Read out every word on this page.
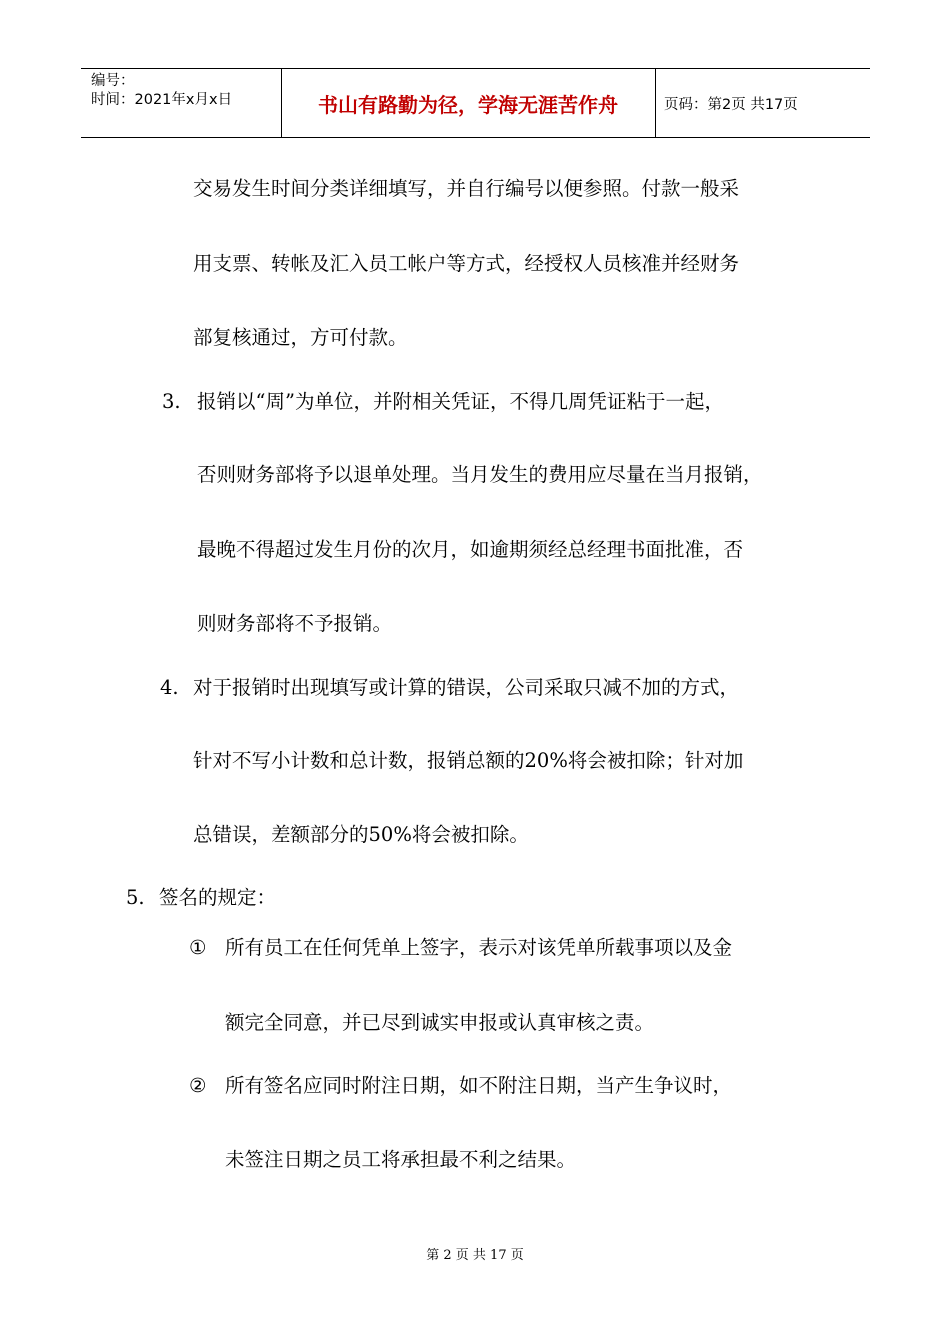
编号：
时间：2021年x月x日	书山有路勤为径，学海无涯苦作舟	页码：第2页 共17页
交易发生时间分类详细填写，并自行编号以便参照。付款一般采
用支票、转帐及汇入员工帐户等方式，经授权人员核准并经财务
部复核通过，方可付款。
3. 报销以“周”为单位，并附相关凭证，不得几周凭证粘于一起，
否则财务部将予以退单处理。当月发生的费用应尽量在当月报销，
最晚不得超过发生月份的次月，如逾期须经总经理书面批准，否
则财务部将不予报销。
4. 对于报销时出现填写或计算的错误，公司采取只减不加的方式，
针对不写小计数和总计数，报销总额的20%将会被扣除；针对加
总错误，差额部分的50%将会被扣除。
5. 签名的规定：
① 所有员工在任何凭单上签字，表示对该凭单所载事项以及金
额完全同意，并已尽到诚实申报或认真审核之责。
② 所有签名应同时附注日期，如不附注日期，当产生争议时，
未签注日期之员工将承担最不利之结果。
第 2 页 共 17 页
